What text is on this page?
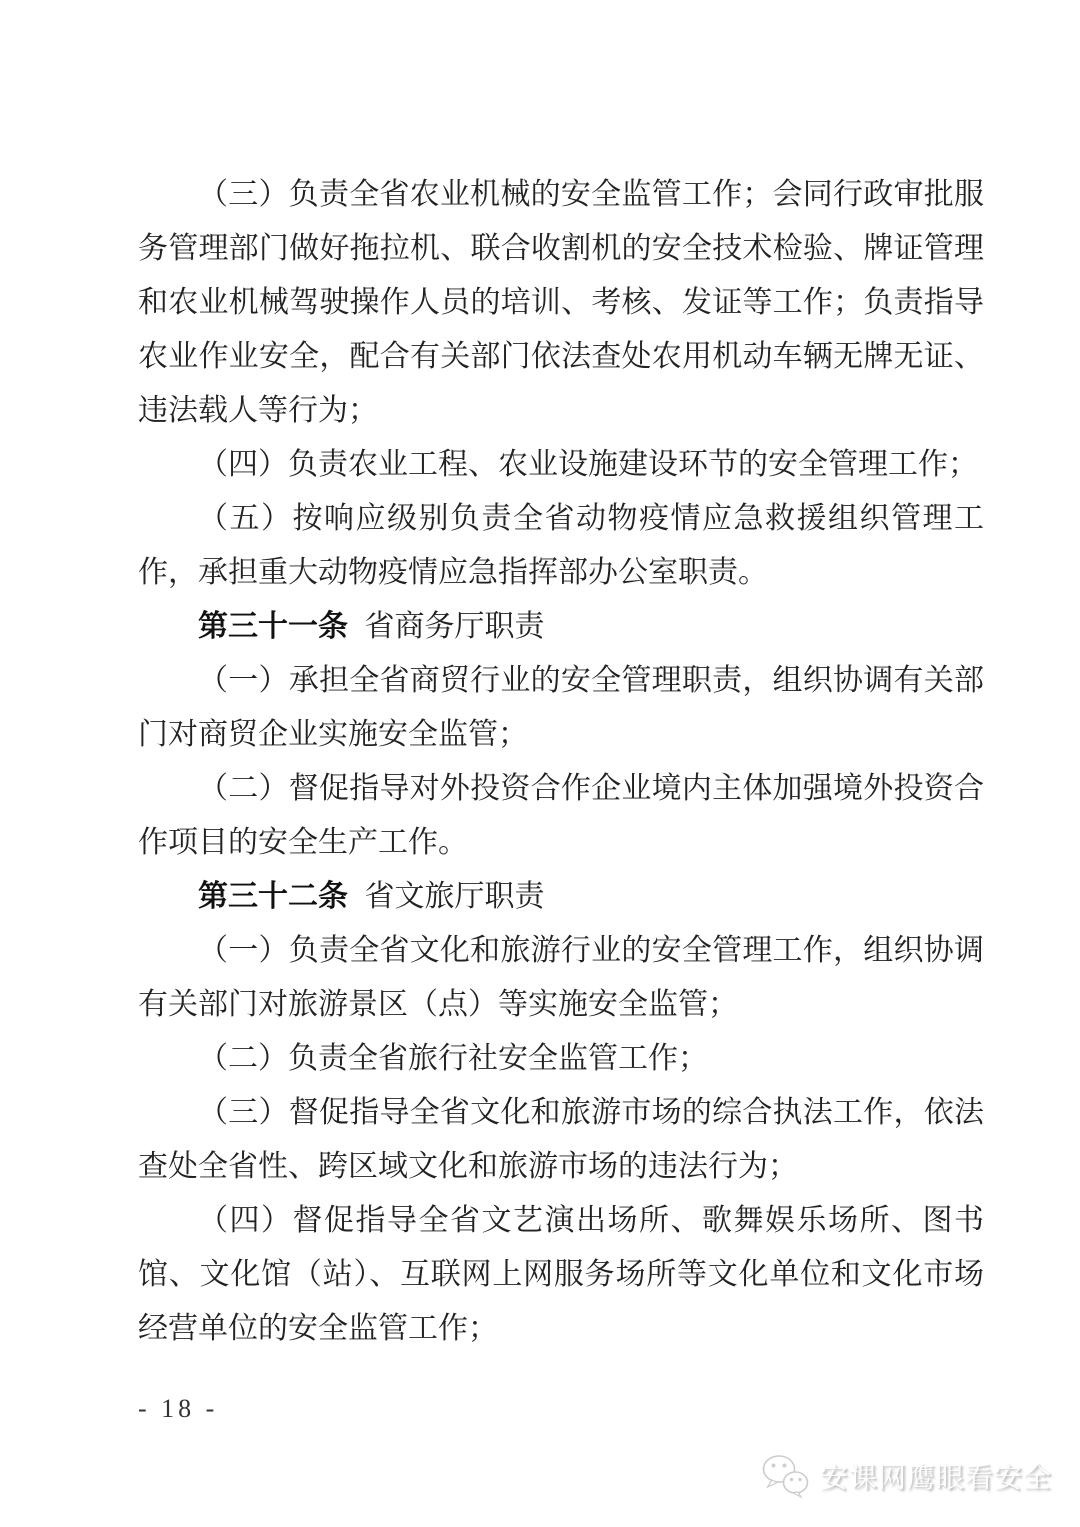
（三）负责全省农业机械的安全监管工作；会同行政审批服务管理部门做好拖拉机、联合收割机的安全技术检验、牌证管理和农业机械驾驶操作人员的培训、考核、发证等工作；负责指导农业作业安全，配合有关部门依法查处农用机动车辆无牌无证、违法载人等行为；

（四）负责农业工程、农业设施建设环节的安全管理工作；

（五）按响应级别负责全省动物疫情应急救援组织管理工作，承担重大动物疫情应急指挥部办公室职责。

第三十一条 省商务厅职责

（一）承担全省商贸行业的安全管理职责，组织协调有关部门对商贸企业实施安全监管；

（二）督促指导对外投资合作企业境内主体加强境外投资合作项目的安全生产工作。

第三十二条 省文旅厅职责

（一）负责全省文化和旅游行业的安全管理工作，组织协调有关部门对旅游景区（点）等实施安全监管；

（二）负责全省旅行社安全监管工作；

（三）督促指导全省文化和旅游市场的综合执法工作，依法查处全省性、跨区域文化和旅游市场的违法行为；

（四）督促指导全省文艺演出场所、歌舞娱乐场所、图书馆、文化馆（站）、互联网上网服务场所等文化单位和文化市场经营单位的安全监管工作；

- 18 -
安课网鹰眼看安全
